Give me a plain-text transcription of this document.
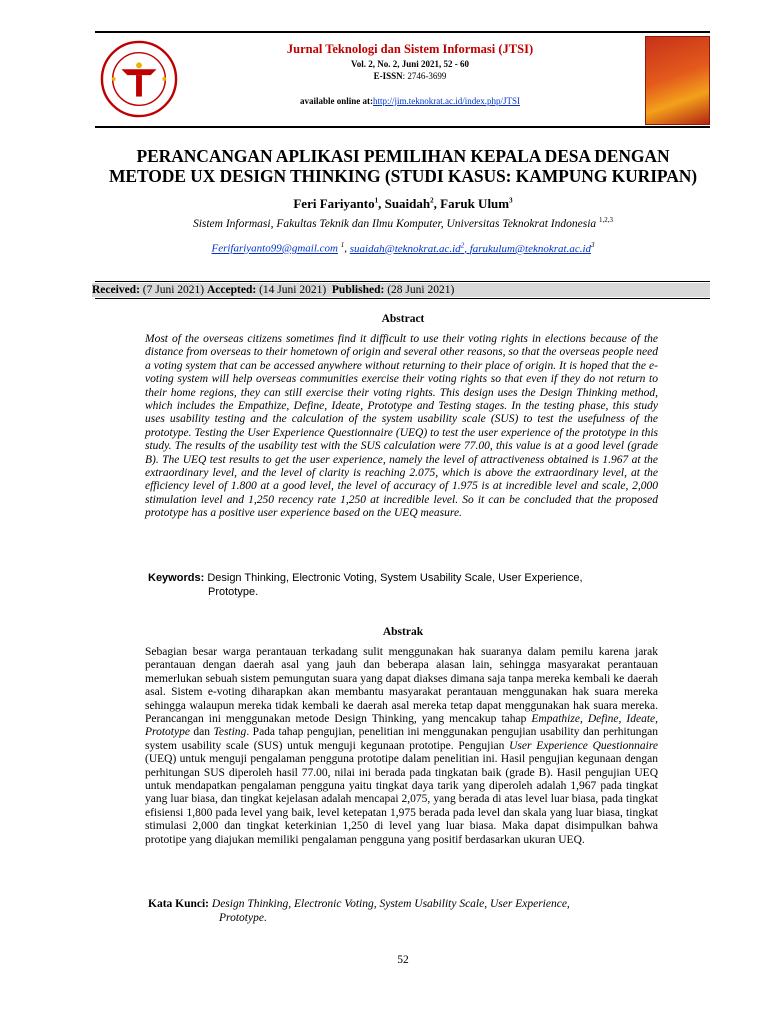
Jurnal Teknologi dan Sistem Informasi (JTSI)
Vol. 2, No. 2, Juni 2021, 52 - 60
E-ISSN: 2746-3699
available online at:http://jim.teknokrat.ac.id/index.php/JTSI
PERANCANGAN APLIKASI PEMILIHAN KEPALA DESA DENGAN
METODE UX DESIGN THINKING (STUDI KASUS: KAMPUNG KURIPAN)
Feri Fariyanto$^1$, Suaidah$^2$, Faruk Ulum$^3$
Sistem Informasi, Fakultas Teknik dan Ilmu Komputer, Universitas Teknokrat Indonesia $^{1,2,3}$
Ferifariyanto99@gmail.com $^1$, $suaidah@teknokrat.ac.id^2$, $farukulum@teknokrat.ac.id^3$
Received: (7 Juni 2021) Accepted: (14 Juni 2021) Published: (28 Juni 2021)
Abstract
Most of the overseas citizens sometimes find it difficult to use their voting rights in elections because of the distance from overseas to their hometown of origin and several other reasons, so that the overseas people need a voting system that can be accessed anywhere without returning to their place of origin. It is hoped that the e-voting system will help overseas communities exercise their voting rights so that even if they do not return to their home regions, they can still exercise their voting rights. This design uses the Design Thinking method, which includes the Empathize, Define, Ideate, Prototype and Testing stages. In the testing phase, this study uses usability testing and the calculation of the system usability scale (SUS) to test the usefulness of the prototype. Testing the User Experience Questionnaire (UEQ) to test the user experience of the prototype in this study. The results of the usability test with the SUS calculation were 77.00, this value is at a good level (grade B). The UEQ test results to get the user experience, namely the level of attractiveness obtained is 1.967 at the extraordinary level, and the level of clarity is reaching 2.075, which is above the extraordinary level, at the efficiency level of 1.800 at a good level, the level of accuracy of 1.975 is at incredible level and scale, 2,000 stimulation level and 1,250 recency rate 1,250 at incredible level. So it can be concluded that the proposed prototype has a positive user experience based on the UEQ measure.
Keywords: Design Thinking, Electronic Voting, System Usability Scale, User Experience,
Prototype.
Abstrak
Sebagian besar warga perantauan terkadang sulit menggunakan hak suaranya dalam pemilu karena jarak perantauan dengan daerah asal yang jauh dan beberapa alasan lain, sehingga masyarakat perantauan memerlukan sebuah sistem pemungutan suara yang dapat diakses dimana saja tanpa mereka kembali ke daerah asal. Sistem e-voting diharapkan akan membantu masyarakat perantauan menggunakan hak suara mereka sehingga walaupun mereka tidak kembali ke daerah asal mereka tetap dapat menggunakan hak suara mereka. Perancangan ini menggunakan metode Design Thinking, yang mencakup tahap Empathize, Define, Ideate, Prototype dan Testing. Pada tahap pengujian, penelitian ini menggunakan pengujian usability dan perhitungan system usability scale (SUS) untuk menguji kegunaan prototipe. Pengujian User Experience Questionnaire (UEQ) untuk menguji pengalaman pengguna prototipe dalam penelitian ini. Hasil pengujian kegunaan dengan perhitungan SUS diperoleh hasil 77.00, nilai ini berada pada tingkatan baik (grade B). Hasil pengujian UEQ untuk mendapatkan pengalaman pengguna yaitu tingkat daya tarik yang diperoleh adalah 1,967 pada tingkat yang luar biasa, dan tingkat kejelasan adalah mencapai 2,075, yang berada di atas level luar biasa, pada tingkat efisiensi 1,800 pada level yang baik, level ketepatan 1,975 berada pada level dan skala yang luar biasa, tingkat stimulasi 2,000 dan tingkat keterkinian 1,250 di level yang luar biasa. Maka dapat disimpulkan bahwa prototipe yang diajukan memiliki pengalaman pengguna yang positif berdasarkan ukuran UEQ.
Kata Kunci: Design Thinking, Electronic Voting, System Usability Scale, User Experience,
Prototype.
52
